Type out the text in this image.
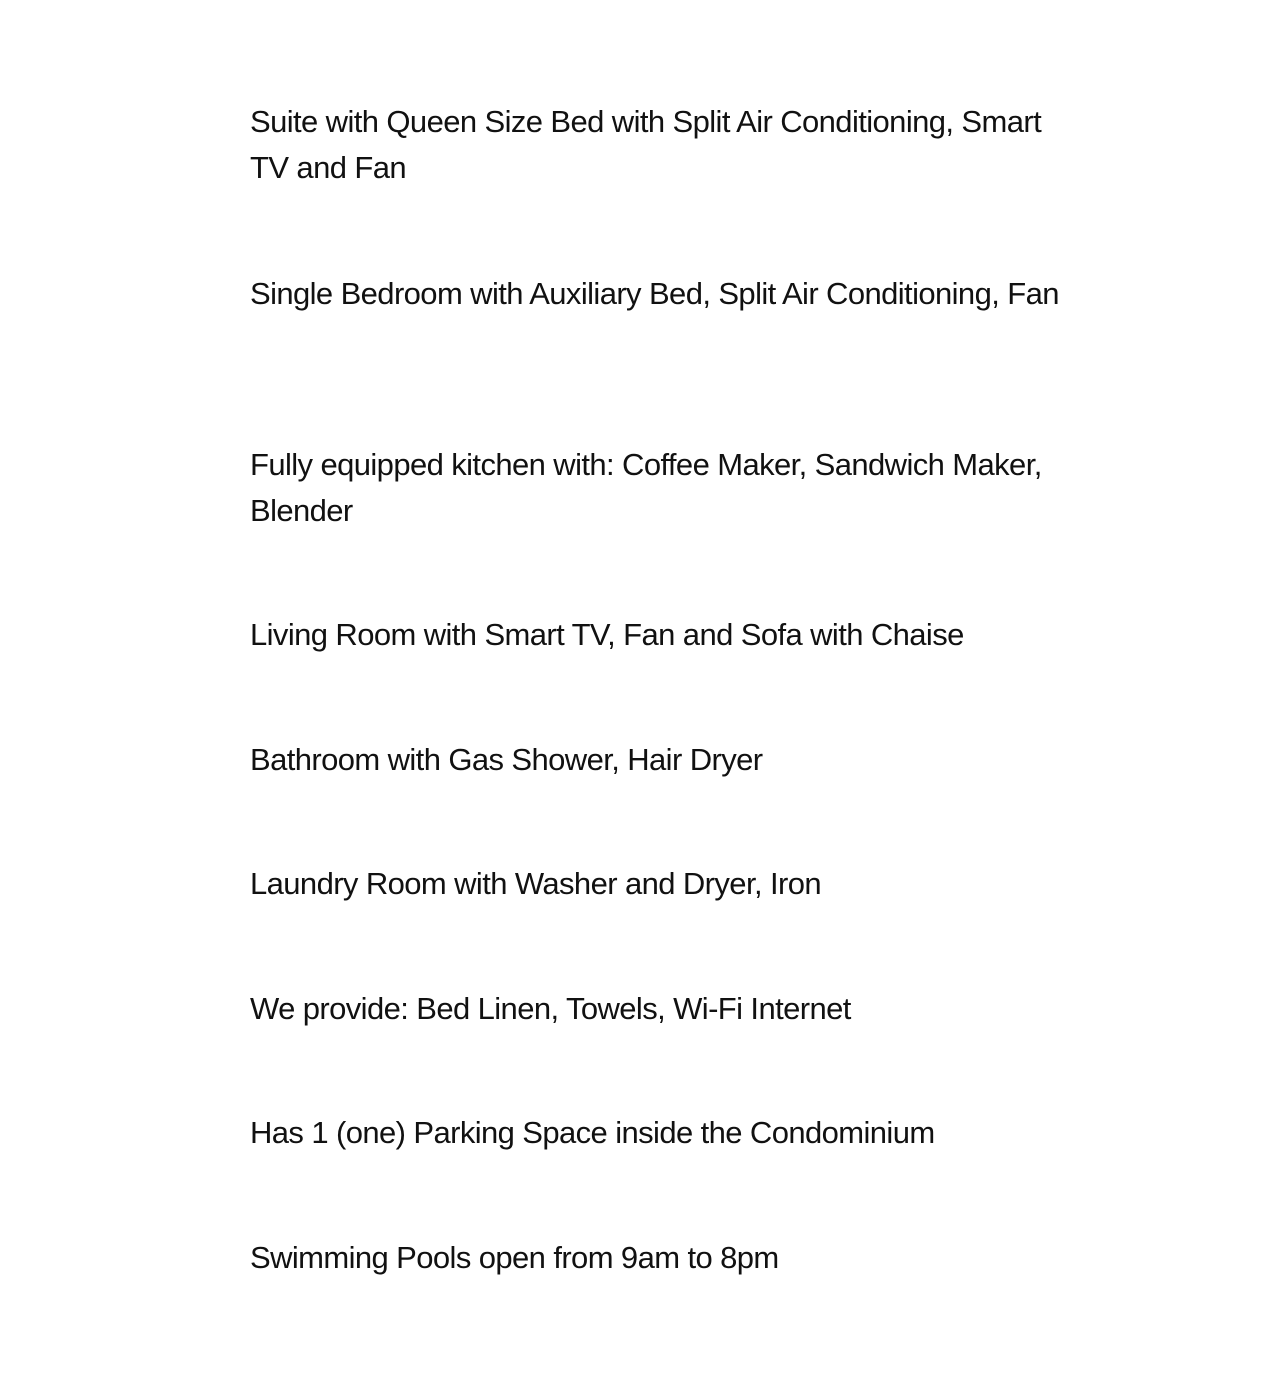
Suite with Queen Size Bed with Split Air Conditioning, Smart TV and Fan

Single Bedroom with Auxiliary Bed, Split Air Conditioning, Fan

Fully equipped kitchen with: Coffee Maker, Sandwich Maker, Blender

Living Room with Smart TV, Fan and Sofa with Chaise

Bathroom with Gas Shower, Hair Dryer

Laundry Room with Washer and Dryer, Iron

We provide: Bed Linen, Towels, Wi-Fi Internet

Has 1 (one) Parking Space inside the Condominium

Swimming Pools open from 9am to 8pm
